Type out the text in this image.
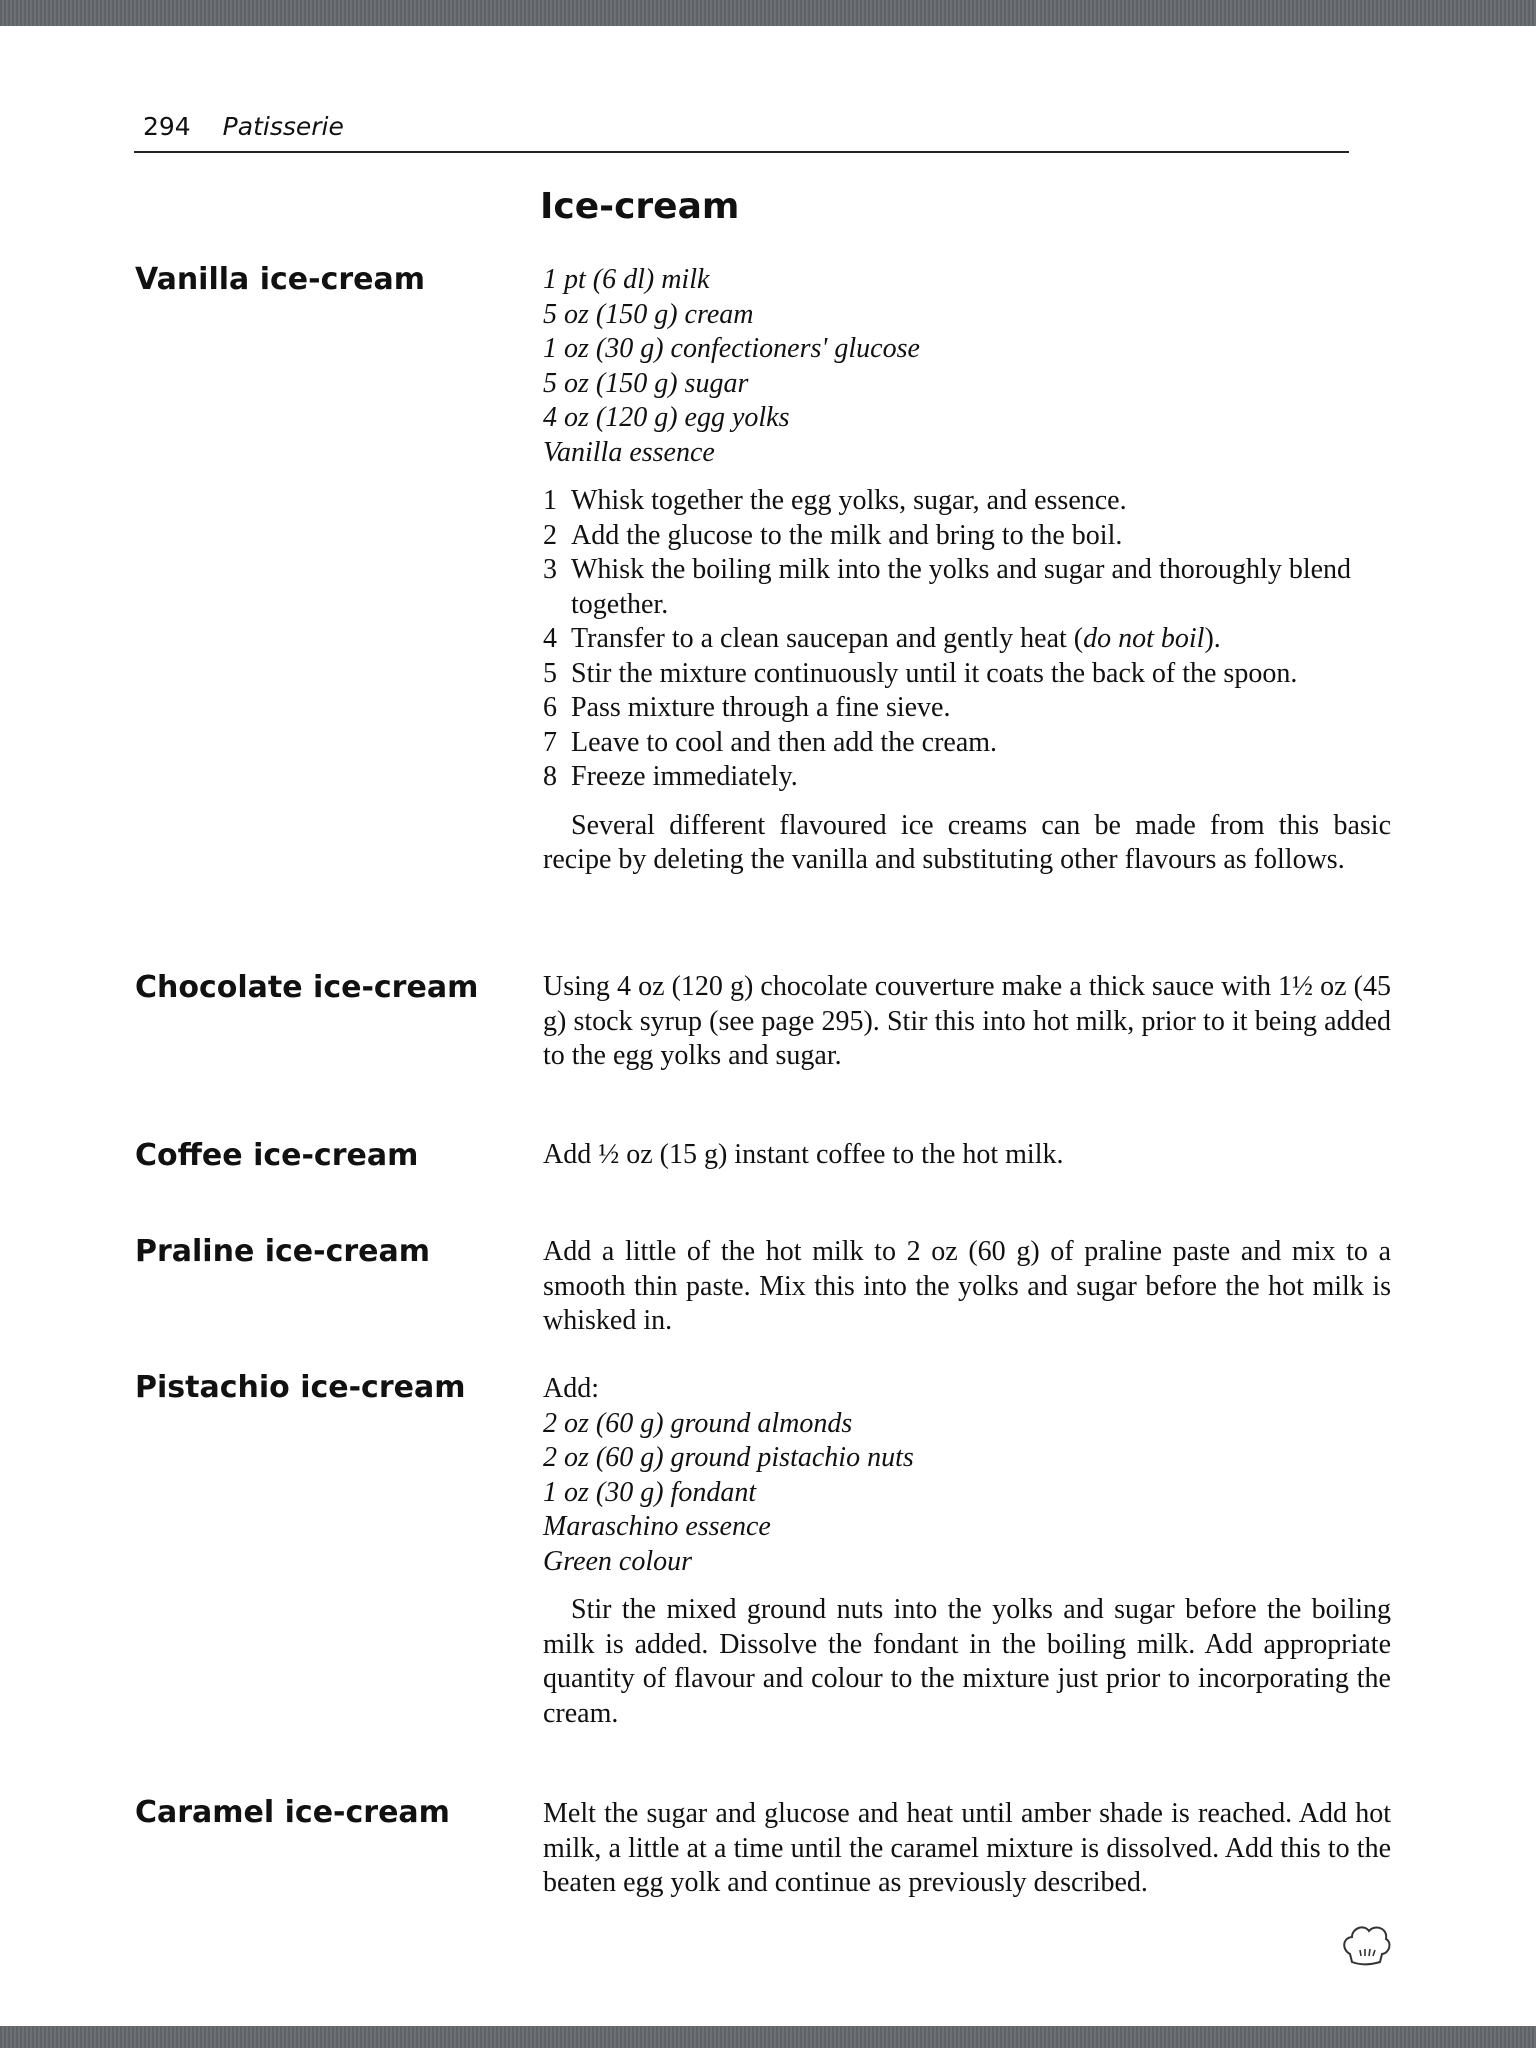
294 Patisserie
Ice-cream
Vanilla ice-cream	1 pt (6 dl) milk
5 oz (150 g) cream
1 oz (30 g) confectioners' glucose
5 oz (150 g) sugar
4 oz (120 g) egg yolks
Vanilla essence
1 Whisk together the egg yolks, sugar, and essence.
2 Add the glucose to the milk and bring to the boil.
3 Whisk the boiling milk into the yolks and sugar and thoroughly blend together.
4 Transfer to a clean saucepan and gently heat (do not boil).
5 Stir the mixture continuously until it coats the back of the spoon.
6 Pass mixture through a fine sieve.
7 Leave to cool and then add the cream.
8 Freeze immediately.
Several different flavoured ice creams can be made from this basic recipe by deleting the vanilla and substituting other flavours as follows.
Chocolate ice-cream Using 4 oz (120 g) chocolate couverture make a thick sauce with 1½ oz (45 g) stock syrup (see page 295). Stir this into hot milk, prior to it being added to the egg yolks and sugar.
Coffee ice-cream	Add ½ oz (15 g) instant coffee to the hot milk.
Praline ice-cream	Add a little of the hot milk to 2 oz (60 g) of praline paste and mix to a smooth thin paste. Mix this into the yolks and sugar before the hot milk is whisked in.
Pistachio ice-cream	Add:
2 oz (60 g) ground almonds
2 oz (60 g) ground pistachio nuts
1 oz (30 g) fondant
Maraschino essence
Green colour
Stir the mixed ground nuts into the yolks and sugar before the boiling milk is added. Dissolve the fondant in the boiling milk. Add appropriate quantity of flavour and colour to the mixture just prior to incorporating the cream.
Caramel ice-cream	Melt the sugar and glucose and heat until amber shade is reached. Add hot milk, a little at a time until the caramel mixture is dissolved. Add this to the beaten egg yolk and continue as previously described.
